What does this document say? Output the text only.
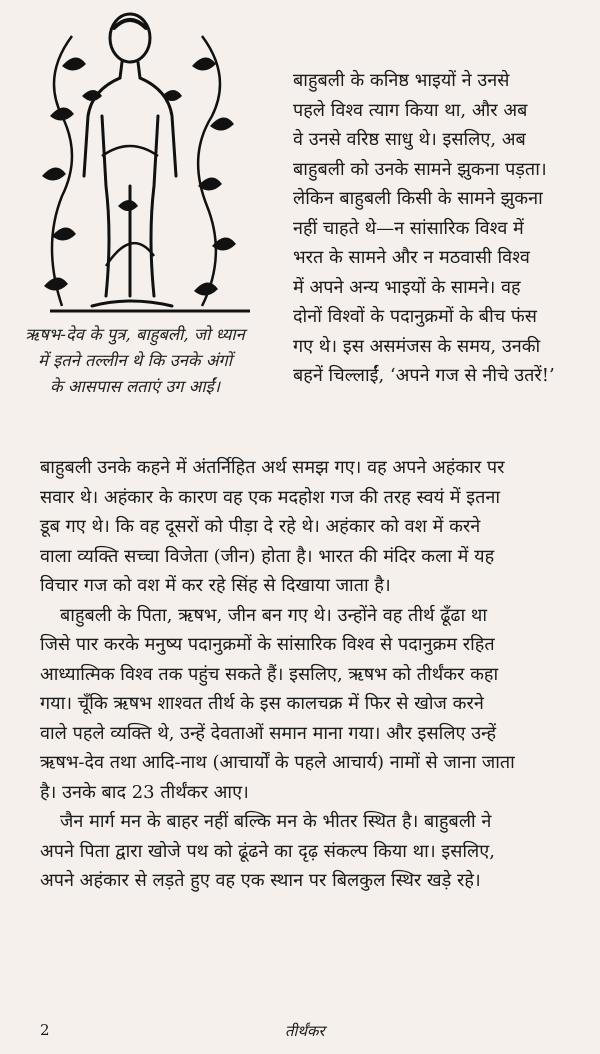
ऋषभ-देव के पुत्र, बाहुबली, जो ध्यान
में इतने तल्लीन थे कि उनके अंगों
के आसपास लताएं उग आईं।
बाहुबली के कनिष्ठ भाइयों ने उनसे
पहले विश्व त्याग किया था, और अब
वे उनसे वरिष्ठ साधु थे। इसलिए, अब
बाहुबली को उनके सामने झुकना पड़ता।
लेकिन बाहुबली किसी के सामने झुकना
नहीं चाहते थे—न सांसारिक विश्व में
भरत के सामने और न मठवासी विश्व
में अपने अन्य भाइयों के सामने। वह
दोनों विश्वों के पदानुक्रमों के बीच फंस
गए थे। इस असमंजस के समय, उनकी
बहनें चिल्लाईं, ‘अपने गज से नीचे उतरें!’
बाहुबली उनके कहने में अंतर्निहित अर्थ समझ गए। वह अपने अहंकार पर
सवार थे। अहंकार के कारण वह एक मदहोश गज की तरह स्वयं में इतना
डूब गए थे। कि वह दूसरों को पीड़ा दे रहे थे। अहंकार को वश में करने
वाला व्यक्ति सच्चा विजेता (जीन) होता है। भारत की मंदिर कला में यह
विचार गज को वश में कर रहे सिंह से दिखाया जाता है।
बाहुबली के पिता, ऋषभ, जीन बन गए थे। उन्होंने वह तीर्थ ढूँढा था
जिसे पार करके मनुष्य पदानुक्रमों के सांसारिक विश्व से पदानुक्रम रहित
आध्यात्मिक विश्व तक पहुंच सकते हैं। इसलिए, ऋषभ को तीर्थंकर कहा
गया। चूँकि ऋषभ शाश्वत तीर्थ के इस कालचक्र में फिर से खोज करने
वाले पहले व्यक्ति थे, उन्हें देवताओं समान माना गया। और इसलिए उन्हें
ऋषभ-देव तथा आदि-नाथ (आचार्यों के पहले आचार्य) नामों से जाना जाता
है। उनके बाद 23 तीर्थंकर आए।
जैन मार्ग मन के बाहर नहीं बल्कि मन के भीतर स्थित है। बाहुबली ने
अपने पिता द्वारा खोजे पथ को ढूंढने का दृढ़ संकल्प किया था। इसलिए,
अपने अहंकार से लड़ते हुए वह एक स्थान पर बिलकुल स्थिर खड़े रहे।
2	तीर्थंकर
